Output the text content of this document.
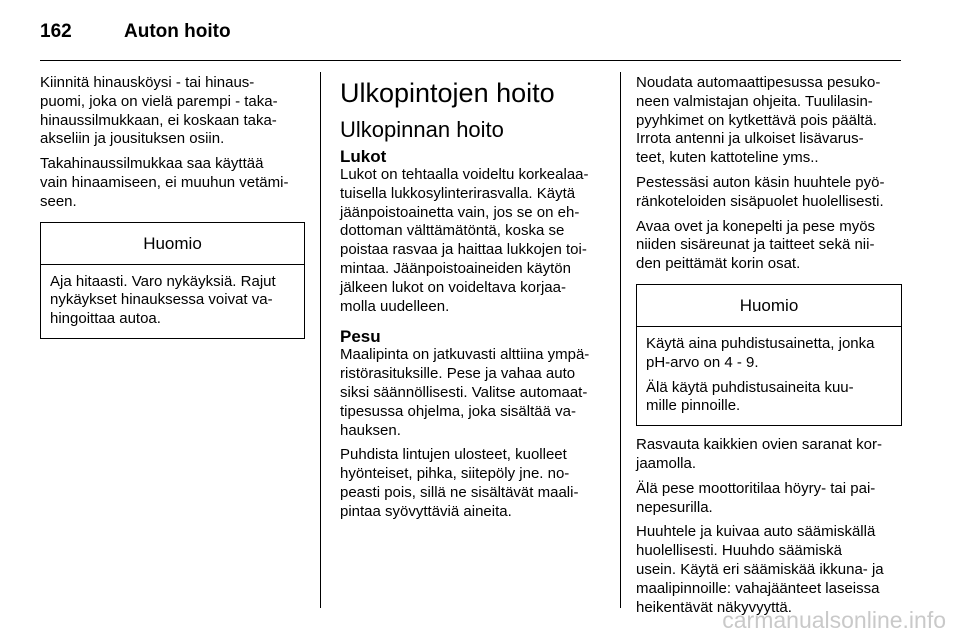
162	Auton hoito

Kiinnitä hinausköysi - tai hinaus-
puomi, joka on vielä parempi - taka-
hinaussilmukkaan, ei koskaan taka-
akseliin ja jousituksen osiin.

Takahinaussilmukkaa saa käyttää
vain hinaamiseen, ei muuhun vetämi-
seen.

Huomio

Aja hitaasti. Varo nykäyksiä. Rajut
nykäykset hinauksessa voivat va-
hingoittaa autoa.

Ulkopintojen hoito
Ulkopinnan hoito
Lukot

Lukot on tehtaalla voideltu korkealaa-
tuisella lukkosylinterirasvalla. Käytä
jäänpoistoainetta vain, jos se on eh-
dottoman välttämätöntä, koska se
poistaa rasvaa ja haittaa lukkojen toi-
mintaa. Jäänpoistoaineiden käytön
jälkeen lukot on voideltava korjaa-
molla uudelleen.

Pesu

Maalipinta on jatkuvasti alttiina ympä-
ristörasituksille. Pese ja vahaa auto
siksi säännöllisesti. Valitse automaat-
tipesussa ohjelma, joka sisältää va-
hauksen.

Puhdista lintujen ulosteet, kuolleet
hyönteiset, pihka, siitepöly jne. no-
peasti pois, sillä ne sisältävät maali-
pintaa syövyttäviä aineita.

Noudata automaattipesussa pesuko-
neen valmistajan ohjeita. Tuulilasin-
pyyhkimet on kytkettävä pois päältä.
Irrota antenni ja ulkoiset lisävarus-
teet, kuten kattoteline yms..

Pestessäsi auton käsin huuhtele pyö-
ränkoteloiden sisäpuolet huolellisesti.

Avaa ovet ja konepelti ja pese myös
niiden sisäreunat ja taitteet sekä nii-
den peittämät korin osat.

Huomio

Käytä aina puhdistusainetta, jonka
pH-arvo on 4 - 9.

Älä käytä puhdistusaineita kuu-
mille pinnoille.

Rasvauta kaikkien ovien saranat kor-
jaamolla.

Älä pese moottoritilaa höyry- tai pai-
nepesurilla.

Huuhtele ja kuivaa auto säämiskällä
huolellisesti. Huuhdo säämiskä
usein. Käytä eri säämiskää ikkuna- ja
maalipinnoille: vahajäänteet laseissa
heikentävät näkyvyyttä.

carmanualsonline.info
